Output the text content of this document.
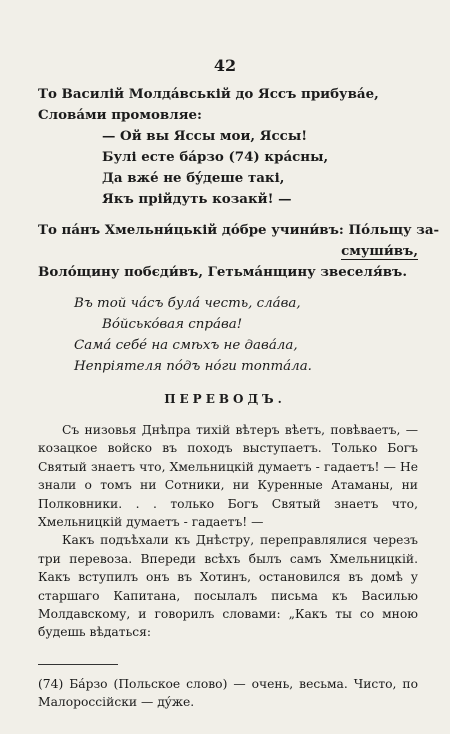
42
То Василій Молдáвській до Яссъ прибувáе,
Словáми промовляе:
— Ой вы Яссы мои, Яссы!
Булі есте бáрзо (74) крáсны,
Да вжé не бýдеше такі,
Якъ прійдуть козакй! —
То пáнъ Хмельни́цькій дóбре учини́въ: Пóльщу за-
смуши́въ,
Волóщину побєди́въ, Гетьмáнщину звеселя́въ.
Въ той чáсъ булá честь, слáва,
Вóйськóвая спрáва!
Самá себé на смѣхъ не давáла,
Непріятеля пóдъ нóги топтáла.
ПЕРЕВОДЪ.

Съ низовья Днѣпра тихій вѣтеръ вѣетъ, повѣваетъ, — козацкое войско въ походъ выступаетъ. Только Богъ Святый знаетъ что, Хмельницкій думаетъ - гадаетъ! — Не знали о томъ ни Сотники, ни Куренные Атаманы, ни Полковники. . . только Богъ Святый знаетъ что, Хмельницкій думаетъ - гадаетъ! —

Какъ подъѣхали къ Днѣстру, переправлялися черезъ три перевоза. Впереди всѣхъ былъ самъ Хмельницкій. Какъ вступилъ онъ въ Хотинъ, остановился въ домѣ у старшаго Капитана, посылалъ письма къ Василью Молдавскому, и говорилъ словами: „Какъ ты со мною будешь вѣдаться:

(74) Бáрзо (Польское слово) — очень, весьма. Чисто, по Малороссійски — дýже.
